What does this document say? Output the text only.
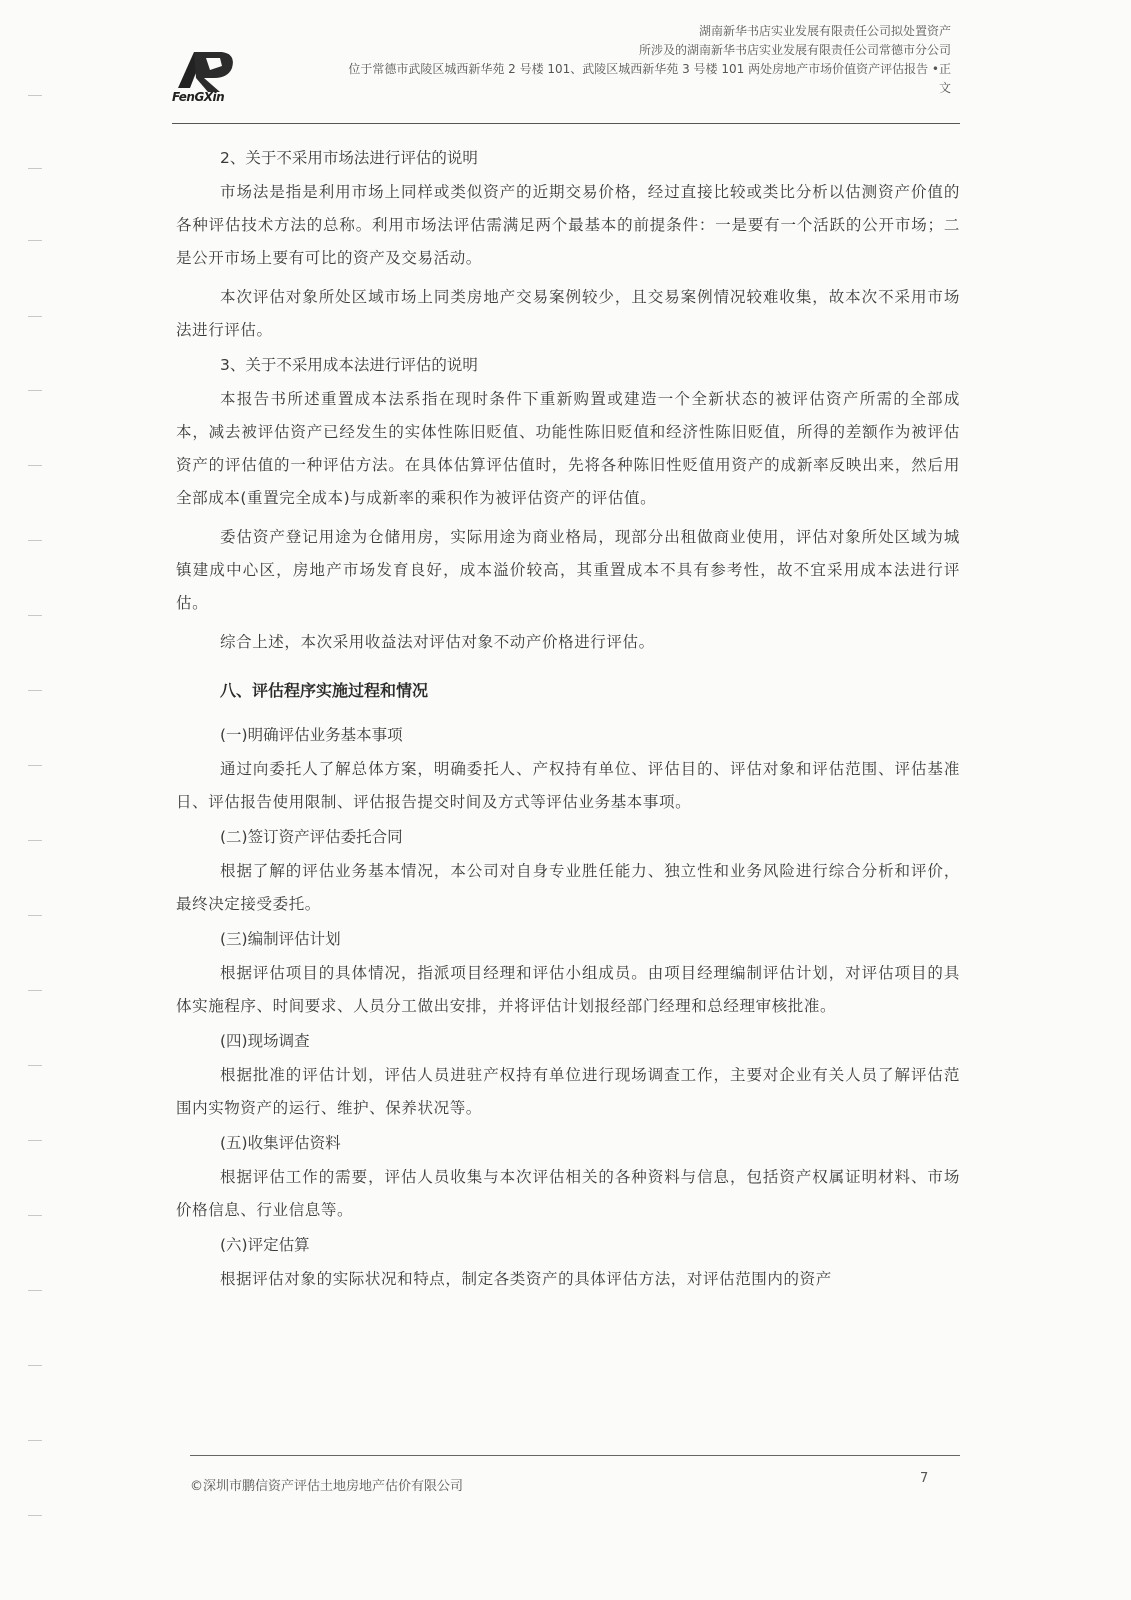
FenGXin
湖南新华书店实业发展有限责任公司拟处置资产
所涉及的湖南新华书店实业发展有限责任公司常德市分公司
位于常德市武陵区城西新华苑 2 号楼 101、武陵区城西新华苑 3 号楼 101 两处房地产市场价值资产评估报告 •正
文

2、关于不采用市场法进行评估的说明

市场法是指是利用市场上同样或类似资产的近期交易价格，经过直接比较或类比分析以估测资产价值的各种评估技术方法的总称。利用市场法评估需满足两个最基本的前提条件：一是要有一个活跃的公开市场；二是公开市场上要有可比的资产及交易活动。

本次评估对象所处区域市场上同类房地产交易案例较少，且交易案例情况较难收集，故本次不采用市场法进行评估。

3、关于不采用成本法进行评估的说明

本报告书所述重置成本法系指在现时条件下重新购置或建造一个全新状态的被评估资产所需的全部成本，减去被评估资产已经发生的实体性陈旧贬值、功能性陈旧贬值和经济性陈旧贬值，所得的差额作为被评估资产的评估值的一种评估方法。在具体估算评估值时，先将各种陈旧性贬值用资产的成新率反映出来，然后用全部成本(重置完全成本)与成新率的乘积作为被评估资产的评估值。

委估资产登记用途为仓储用房，实际用途为商业格局，现部分出租做商业使用，评估对象所处区域为城镇建成中心区，房地产市场发育良好，成本溢价较高，其重置成本不具有参考性，故不宜采用成本法进行评估。

综合上述，本次采用收益法对评估对象不动产价格进行评估。

八、评估程序实施过程和情况

(一)明确评估业务基本事项

通过向委托人了解总体方案，明确委托人、产权持有单位、评估目的、评估对象和评估范围、评估基准日、评估报告使用限制、评估报告提交时间及方式等评估业务基本事项。

(二)签订资产评估委托合同

根据了解的评估业务基本情况，本公司对自身专业胜任能力、独立性和业务风险进行综合分析和评价，最终决定接受委托。

(三)编制评估计划

根据评估项目的具体情况，指派项目经理和评估小组成员。由项目经理编制评估计划，对评估项目的具体实施程序、时间要求、人员分工做出安排，并将评估计划报经部门经理和总经理审核批准。

(四)现场调查

根据批准的评估计划，评估人员进驻产权持有单位进行现场调查工作，主要对企业有关人员了解评估范围内实物资产的运行、维护、保养状况等。

(五)收集评估资料

根据评估工作的需要，评估人员收集与本次评估相关的各种资料与信息，包括资产权属证明材料、市场价格信息、行业信息等。

(六)评定估算

根据评估对象的实际状况和特点，制定各类资产的具体评估方法，对评估范围内的资产

©深圳市鹏信资产评估土地房地产估价有限公司
7
